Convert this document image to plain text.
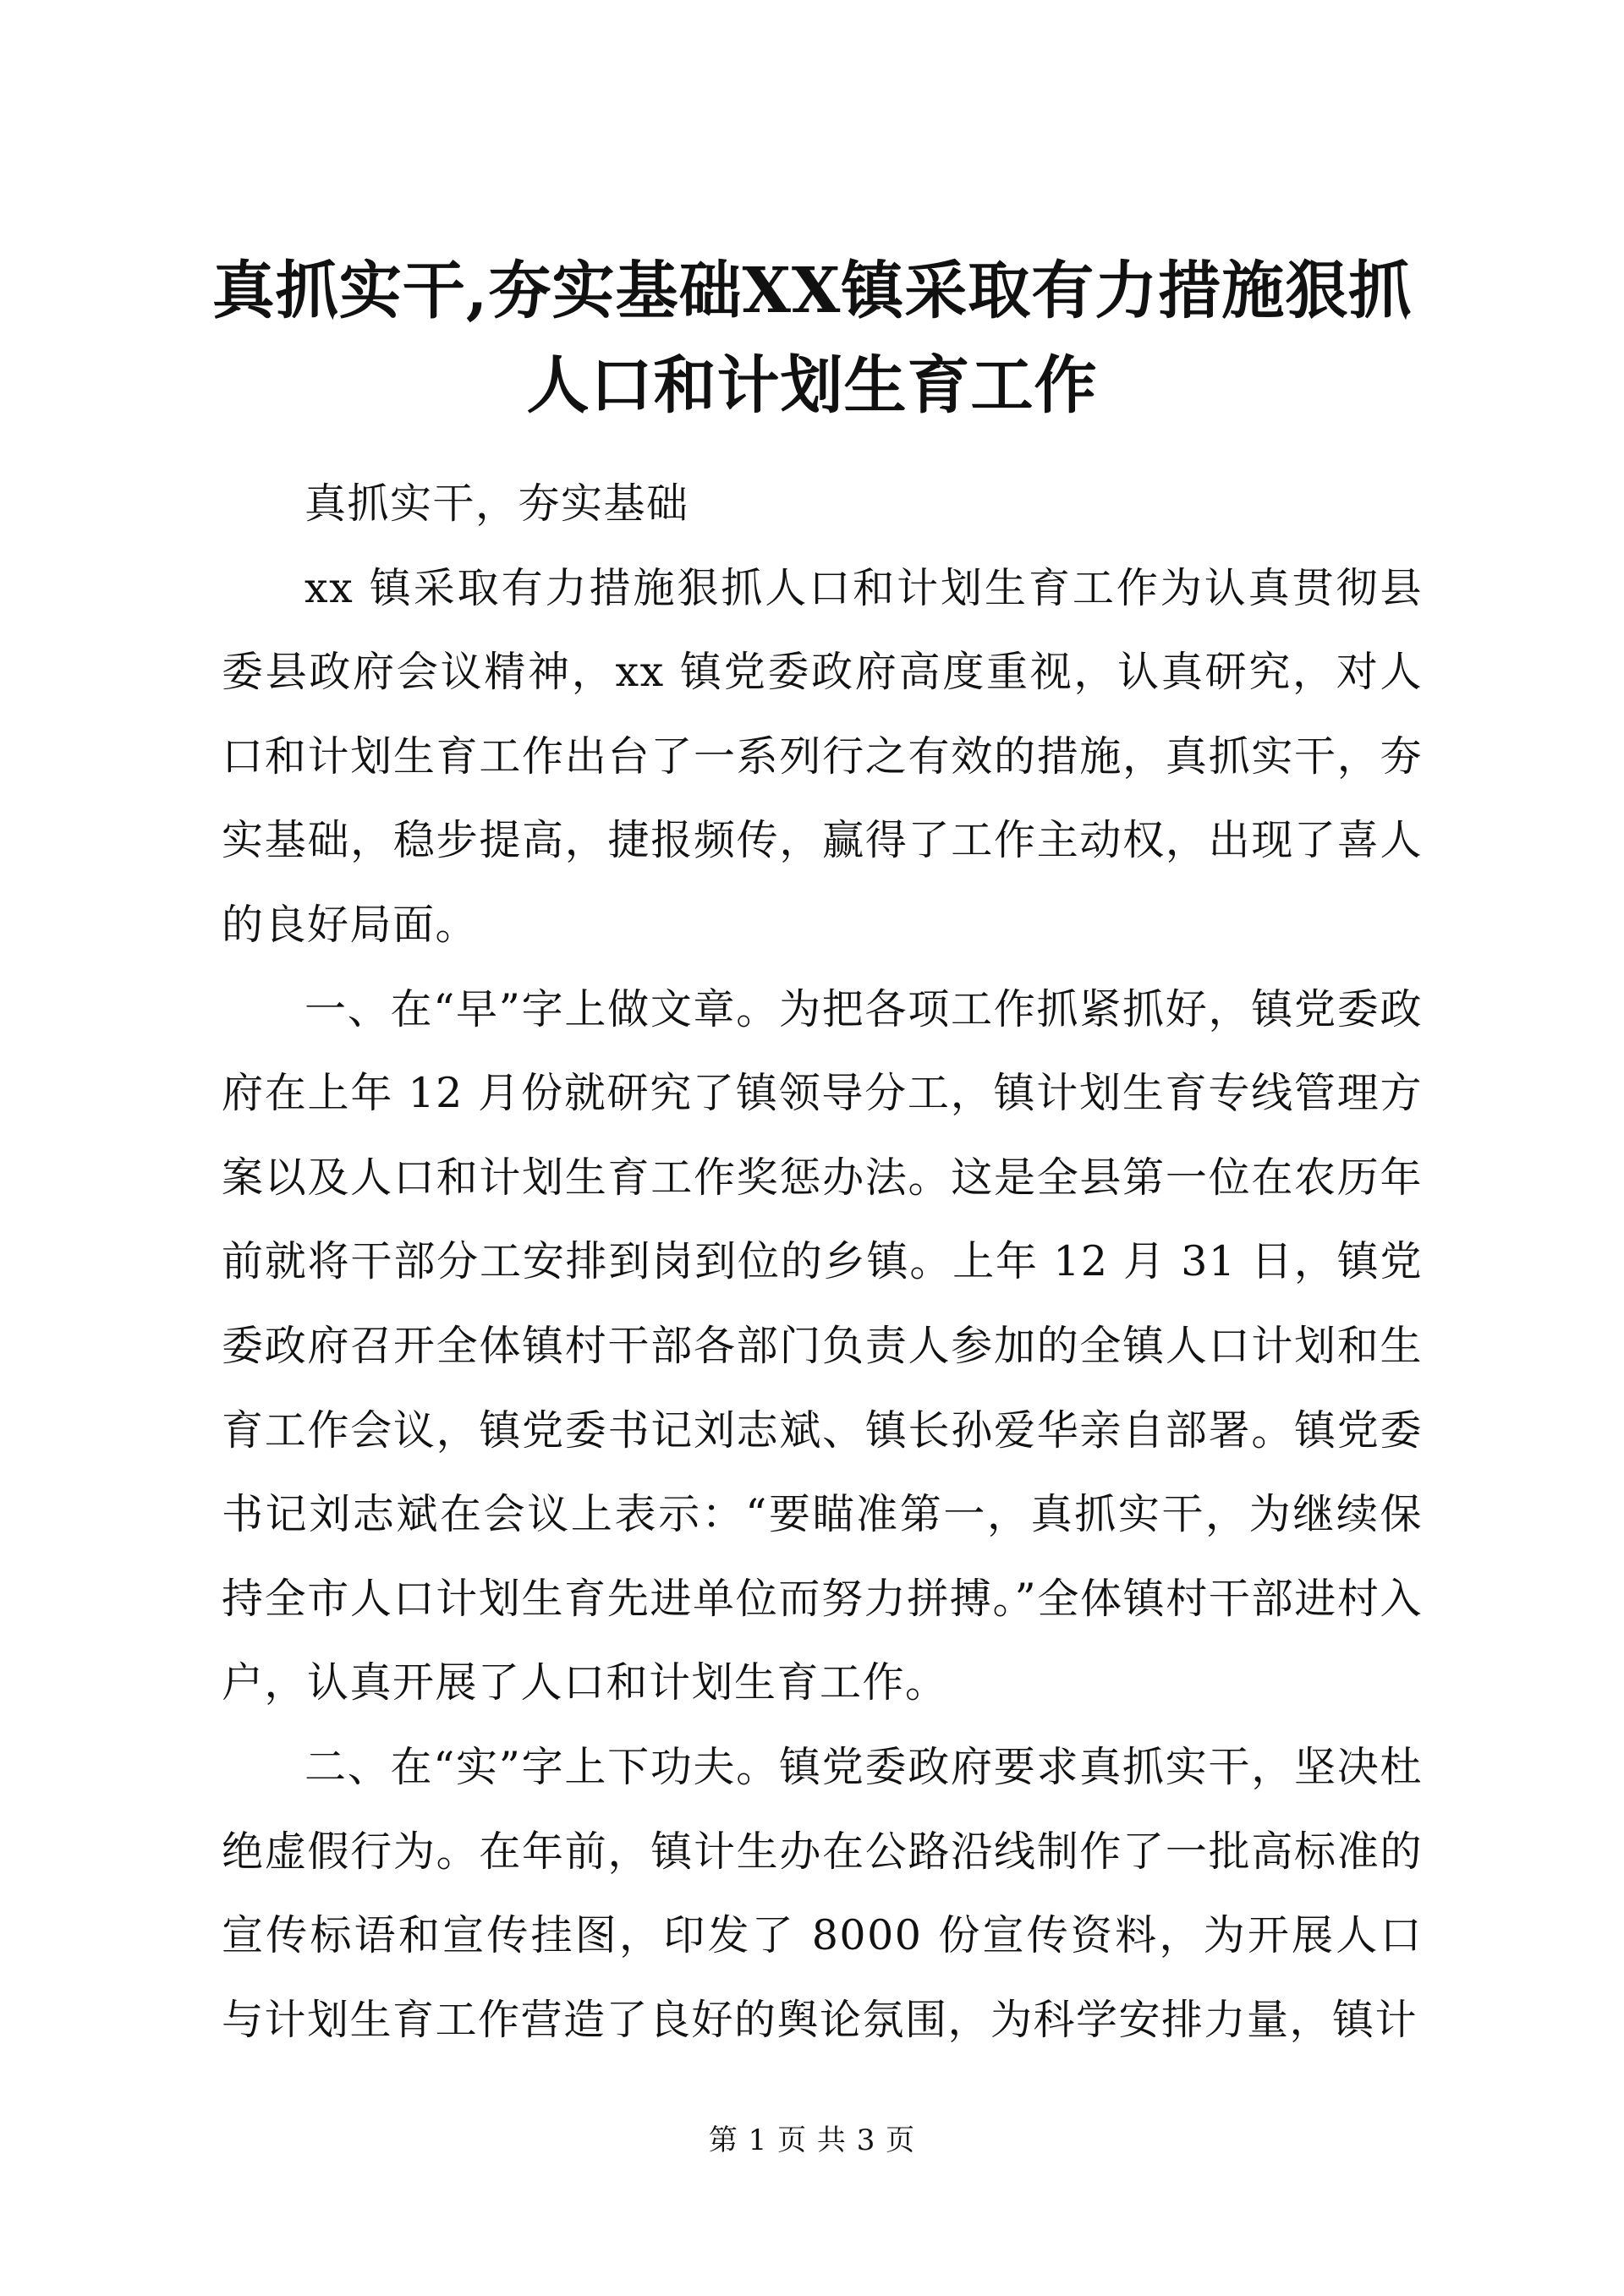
真抓实干,夯实基础XX镇采取有力措施狠抓人口和计划生育工作

真抓实干，夯实基础

xx 镇采取有力措施狠抓人口和计划生育工作为认真贯彻县委县政府会议精神，xx 镇党委政府高度重视，认真研究，对人口和计划生育工作出台了一系列行之有效的措施，真抓实干，夯实基础，稳步提高，捷报频传，赢得了工作主动权，出现了喜人的良好局面。

一、在“早”字上做文章。为把各项工作抓紧抓好，镇党委政府在上年 12 月份就研究了镇领导分工，镇计划生育专线管理方案以及人口和计划生育工作奖惩办法。这是全县第一位在农历年前就将干部分工安排到岗到位的乡镇。上年 12 月 31 日，镇党委政府召开全体镇村干部各部门负责人参加的全镇人口计划和生育工作会议，镇党委书记刘志斌、镇长孙爱华亲自部署。镇党委书记刘志斌在会议上表示：“要瞄准第一，真抓实干，为继续保持全市人口计划生育先进单位而努力拼搏。”全体镇村干部进村入户，认真开展了人口和计划生育工作。

二、在“实”字上下功夫。镇党委政府要求真抓实干，坚决杜绝虚假行为。在年前，镇计生办在公路沿线制作了一批高标准的宣传标语和宣传挂图，印发了 8000 份宣传资料，为开展人口与计划生育工作营造了良好的舆论氛围，为科学安排力量，镇计

第 1 页 共 3 页
